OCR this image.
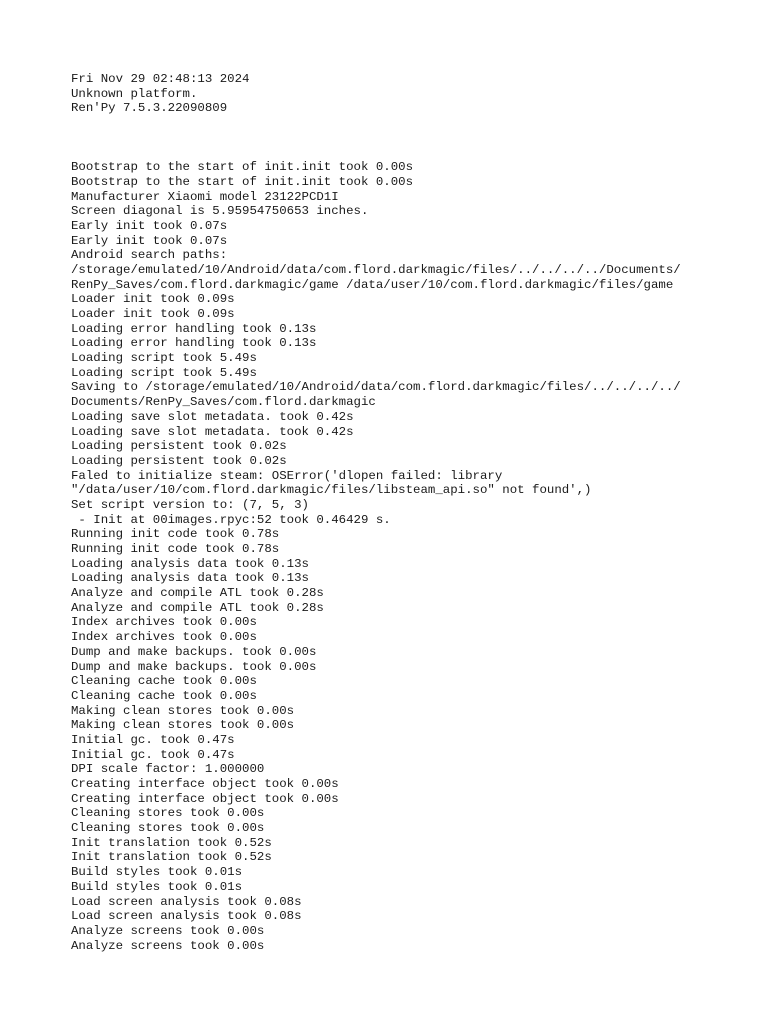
Fri Nov 29 02:48:13 2024
Unknown platform.
Ren'Py 7.5.3.22090809
Bootstrap to the start of init.init took 0.00s
Bootstrap to the start of init.init took 0.00s
Manufacturer Xiaomi model 23122PCD1I
Screen diagonal is 5.95954750653 inches.
Early init took 0.07s
Early init took 0.07s
Android search paths:
/storage/emulated/10/Android/data/com.flord.darkmagic/files/../../../../Documents/
RenPy_Saves/com.flord.darkmagic/game /data/user/10/com.flord.darkmagic/files/game
Loader init took 0.09s
Loader init took 0.09s
Loading error handling took 0.13s
Loading error handling took 0.13s
Loading script took 5.49s
Loading script took 5.49s
Saving to /storage/emulated/10/Android/data/com.flord.darkmagic/files/../../../../
Documents/RenPy_Saves/com.flord.darkmagic
Loading save slot metadata. took 0.42s
Loading save slot metadata. took 0.42s
Loading persistent took 0.02s
Loading persistent took 0.02s
Faled to initialize steam: OSError('dlopen failed: library
"/data/user/10/com.flord.darkmagic/files/libsteam_api.so" not found',)
Set script version to: (7, 5, 3)
- Init at 00images.rpyc:52 took 0.46429 s.
Running init code took 0.78s
Running init code took 0.78s
Loading analysis data took 0.13s
Loading analysis data took 0.13s
Analyze and compile ATL took 0.28s
Analyze and compile ATL took 0.28s
Index archives took 0.00s
Index archives took 0.00s
Dump and make backups. took 0.00s
Dump and make backups. took 0.00s
Cleaning cache took 0.00s
Cleaning cache took 0.00s
Making clean stores took 0.00s
Making clean stores took 0.00s
Initial gc. took 0.47s
Initial gc. took 0.47s
DPI scale factor: 1.000000
Creating interface object took 0.00s
Creating interface object took 0.00s
Cleaning stores took 0.00s
Cleaning stores took 0.00s
Init translation took 0.52s
Init translation took 0.52s
Build styles took 0.01s
Build styles took 0.01s
Load screen analysis took 0.08s
Load screen analysis took 0.08s
Analyze screens took 0.00s
Analyze screens took 0.00s
